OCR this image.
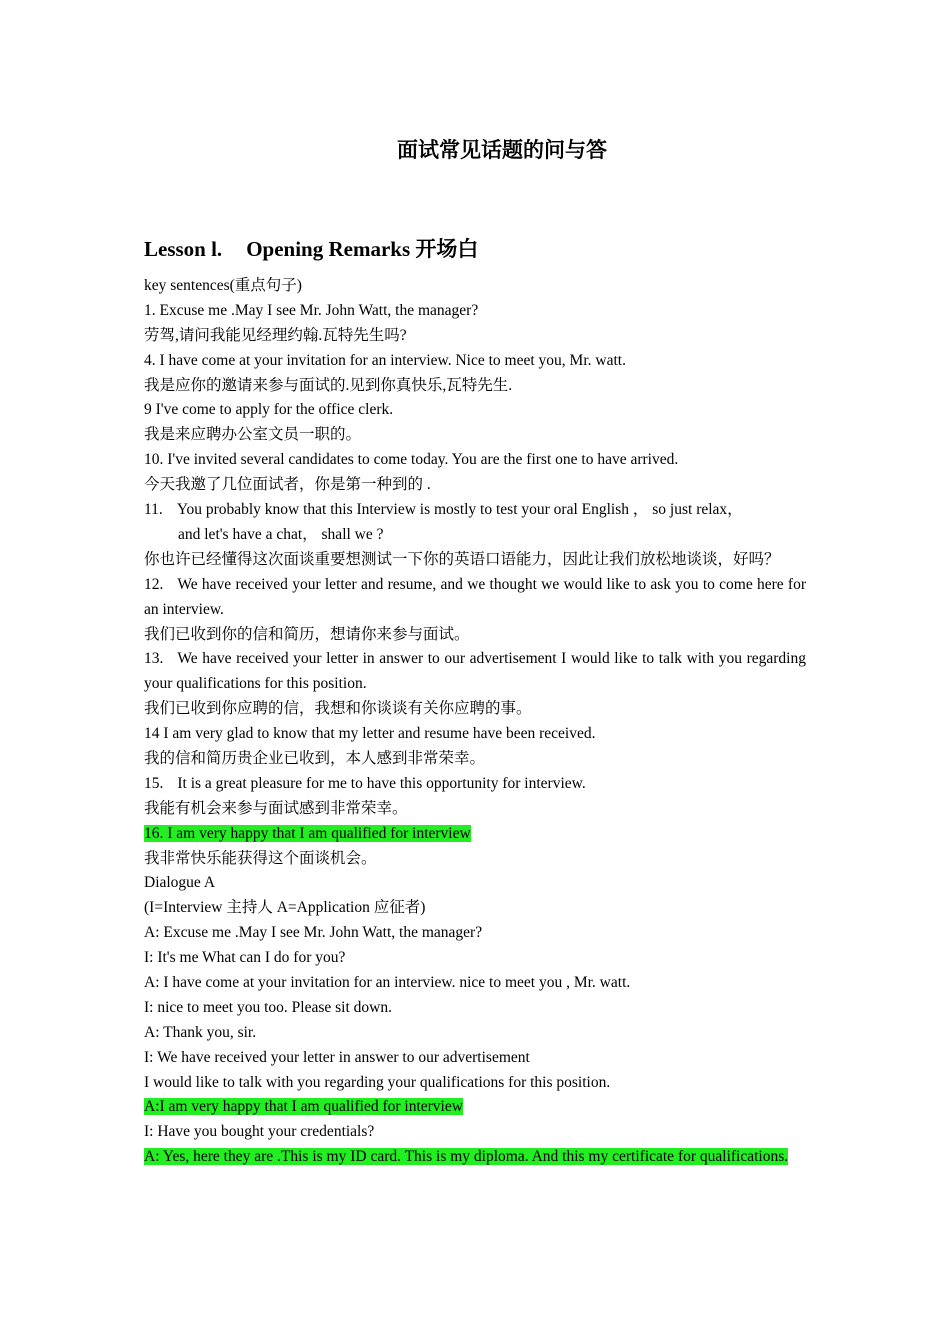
面试常见话题的问与答
Lesson l. Opening Remarks 开场白
key sentences(重点句子)
1. Excuse me .May I see Mr. John Watt, the manager?
劳驾,请问我能见经理约翰.瓦特先生吗?
4. I have come at your invitation for an interview. Nice to meet you, Mr. watt.
我是应你的邀请来参与面试的.见到你真快乐,瓦特先生.
9 I've come to apply for the office clerk.
我是来应聘办公室文员一职的。
10. I've invited several candidates to come today. You are the first one to have arrived.
今天我邀了几位面试者，你是第一种到的 .
11. You probably know that this Interview is mostly to test your oral English ， so just relax，
and let's have a chat， shall we ?
你也许已经懂得这次面谈重要想测试一下你的英语口语能力，因此让我们放松地谈谈，好吗？
12. We have received your letter and resume, and we thought we would like to ask you to come here for an interview.
我们已收到你的信和简历，想请你来参与面试。
13. We have received your letter in answer to our advertisement I would like to talk with you regarding your qualifications for this position.
我们已收到你应聘的信，我想和你谈谈有关你应聘的事。
14 I am very glad to know that my letter and resume have been received.
我的信和简历贵企业已收到，本人感到非常荣幸。
15. It is a great pleasure for me to have this opportunity for interview.
我能有机会来参与面试感到非常荣幸。
16. I am very happy that I am qualified for interview
我非常快乐能获得这个面谈机会。
Dialogue A
(I=Interview 主持人 A=Application 应征者)
A: Excuse me .May I see Mr. John Watt, the manager?
I: It's me What can I do for you?
A: I have come at your invitation for an interview. nice to meet you , Mr. watt.
I: nice to meet you too. Please sit down.
A: Thank you, sir.
I: We have received your letter in answer to our advertisement
I would like to talk with you regarding your qualifications for this position.
A:I am very happy that I am qualified for interview
I: Have you bought your credentials?
A: Yes, here they are .This is my ID card. This is my diploma. And this my certificate for qualifications.
